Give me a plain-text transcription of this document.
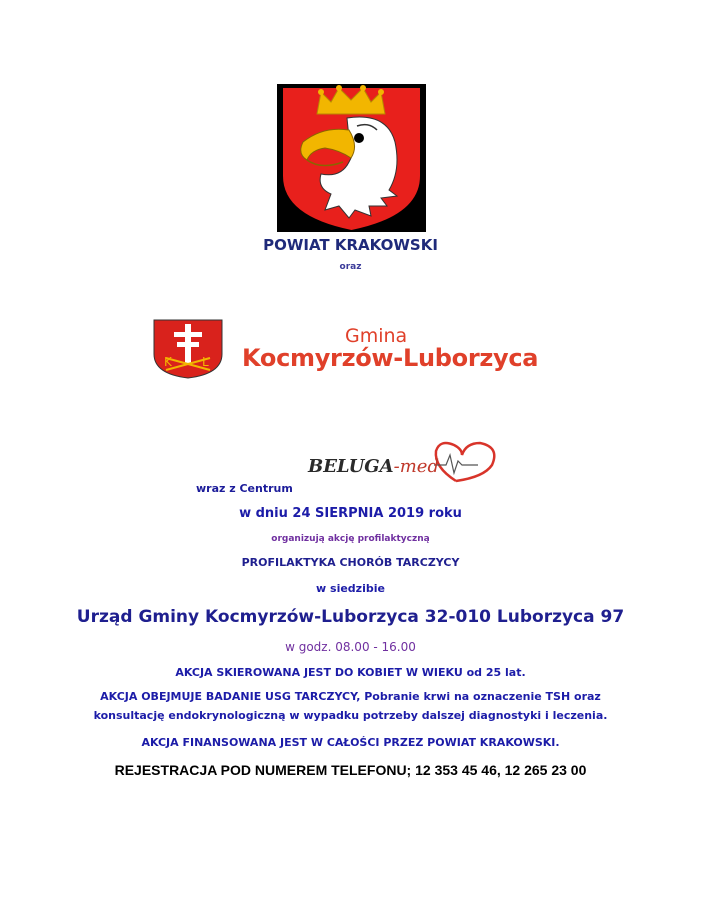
POWIAT KRAKOWSKI
oraz
K	L
Gmina
Kocmyrzów-Luborzyca
BELUGA-med
wraz z Centrum
w dniu 24 SIERPNIA 2019 roku
organizują akcję profilaktyczną
PROFILAKTYKA CHORÓB TARCZYCY
w siedzibie
Urząd Gminy Kocmyrzów-Luborzyca 32-010 Luborzyca 97
w godz. 08.00 - 16.00
AKCJA SKIEROWANA JEST DO KOBIET W WIEKU od 25 lat.
AKCJA OBEJMUJE BADANIE USG TARCZYCY, Pobranie krwi na oznaczenie TSH oraz
konsultację endokrynologiczną w wypadku potrzeby dalszej diagnostyki i leczenia.
AKCJA FINANSOWANA JEST W CAŁOŚCI PRZEZ POWIAT KRAKOWSKI.
REJESTRACJA POD NUMEREM TELEFONU; 12 353 45 46, 12 265 23 00
